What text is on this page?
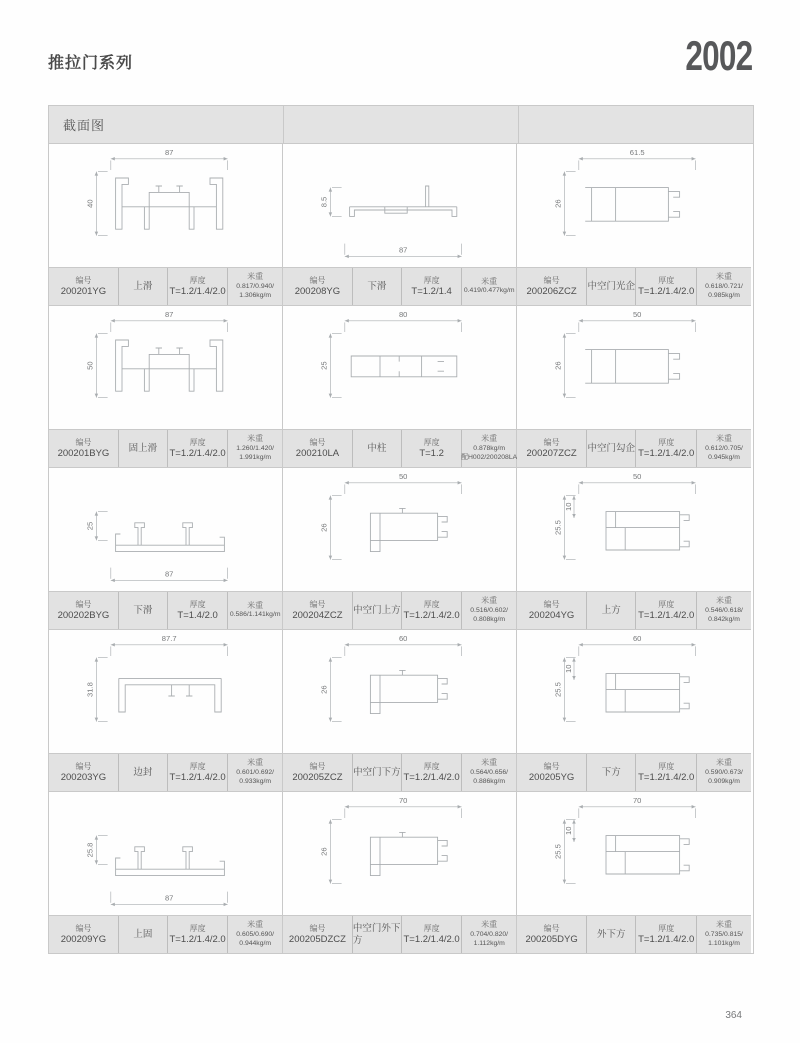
推拉门系列	2002
截面图
87
40
编号
200201YG	上滑
厚度
T=1.2/1.4/2.0
米重
0.817/0.940/
1.306kg/m
8.5
87
编号
200208YG	下滑
厚度
T=1.2/1.4
米重
0.419/0.477kg/m
61.5
26
编号
200206ZCZ 中空门光企
厚度
T=1.2/1.4/2.0
米重
0.618/0.721/
0.985kg/m
87
50
编号
200201BYG 固上滑
厚度
T=1.2/1.4/2.0
米重
1.260/1.420/
1.991kg/m
80
25
编号
200210LA	中柱
厚度
T=1.2
米重
0.878kg/m
配H002/200208LA
50
26
编号
200207ZCZ 中空门勾企
厚度
T=1.2/1.4/2.0
米重
0.612/0.705/
0.945kg/m
25
87
编号
200202BYG	下滑
厚度
T=1.4/2.0
米重
0.586/1.141kg/m
50
26
编号
200204ZCZ 中空门上方
厚度
T=1.2/1.4/2.0
米重
0.516/0.602/
0.808kg/m
50
25.5
10
编号
200204YG	上方
厚度
T=1.2/1.4/2.0
米重
0.546/0.618/
0.842kg/m
87.7
31.8
编号
200203YG	边封
厚度
T=1.2/1.4/2.0
米重
0.601/0.692/
0.933kg/m
60
26
编号
200205ZCZ 中空门下方
厚度
T=1.2/1.4/2.0
米重
0.564/0.656/
0.886kg/m
60
25.5
10
编号
200205YG	下方
厚度
T=1.2/1.4/2.0
米重
0.590/0.673/
0.909kg/m
25.8
87
编号
200209YG	上固
厚度
T=1.2/1.4/2.0
米重
0.605/0.690/
0.944kg/m
70
26
编号
200205DZCZ
中空门外下方
厚度
T=1.2/1.4/2.0
米重
0.704/0.820/
1.112kg/m
70
25.5
10
编号
200205DYG 外下方
厚度
T=1.2/1.4/2.0
米重
0.735/0.815/
1.101kg/m
364
